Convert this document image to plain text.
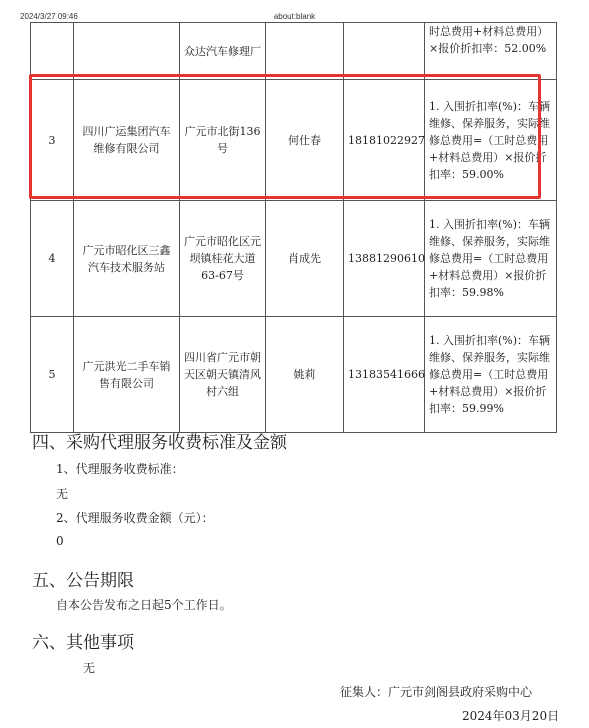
2024/3/27 09:46	about:blank
		众达汽车修理厂			时总费用+材料总费用）×报价折扣率：52.00%
3	四川广运集团汽车维修有限公司	广元市北街136号	何仕春	18181022927	1. 入围折扣率(%)：车辆维修、保养服务，实际维修总费用=（工时总费用+材料总费用）×报价折扣率：59.00%
4	广元市昭化区三鑫汽车技术服务站	广元市昭化区元坝镇桂花大道63-67号	肖成先	13881290610	1. 入围折扣率(%)：车辆维修、保养服务，实际维修总费用=（工时总费用+材料总费用）×报价折扣率：59.98%
5	广元洪光二手车销售有限公司	四川省广元市朝天区朝天镇清风村六组	姚莉	13183541666	1. 入围折扣率(%)：车辆维修、保养服务，实际维修总费用=（工时总费用+材料总费用）×报价折扣率：59.99%
四、采购代理服务收费标准及金额
1、代理服务收费标准：
无
2、代理服务收费金额（元）：
0
五、公告期限
自本公告发布之日起5个工作日。
六、其他事项
无
征集人：广元市剑阁县政府采购中心
2024年03月20日
